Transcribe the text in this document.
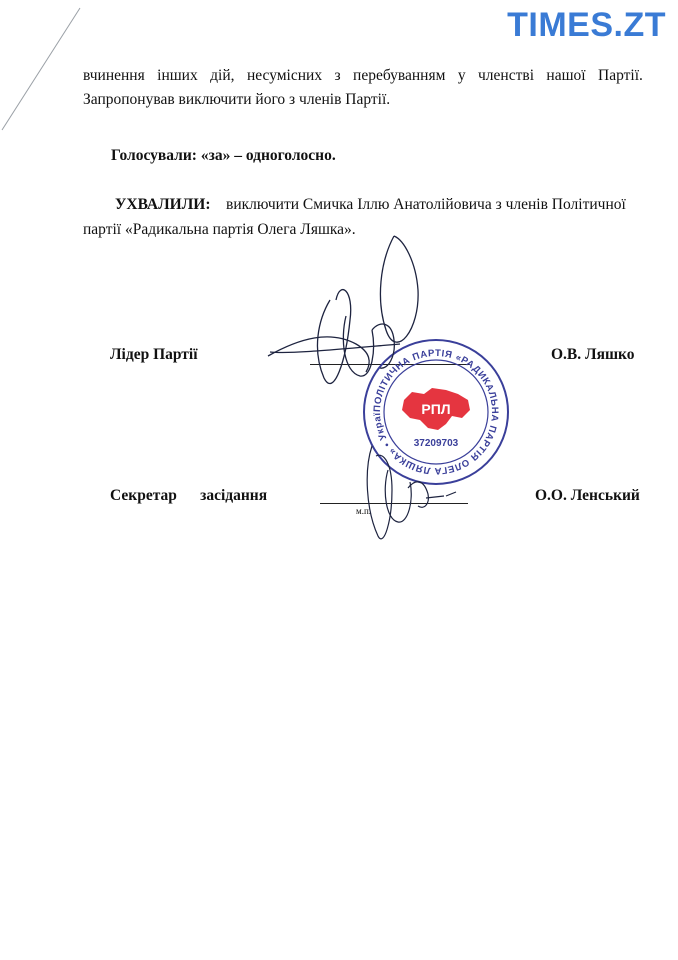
TIMES.ZT
вчинення інших дій, несумісних з перебуванням у членстві нашої Партії.
Запропонував виключити його з членів Партії.
Голосували: «за» – одноголосно.
УХВАЛИЛИ: виключити Смичка Іллю Анатолійовича з членів Політичної
партії «Радикальна партія Олега Ляшка».
Лідер Партії	О.В. Ляшко
Секретар      засідання	О.О. Ленський
м.п.
ПОЛІТИЧНА ПАРТІЯ «РАДИКАЛЬНА ПАРТІЯ ОЛЕГА ЛЯШКА» • Украї	РПЛ
37209703
